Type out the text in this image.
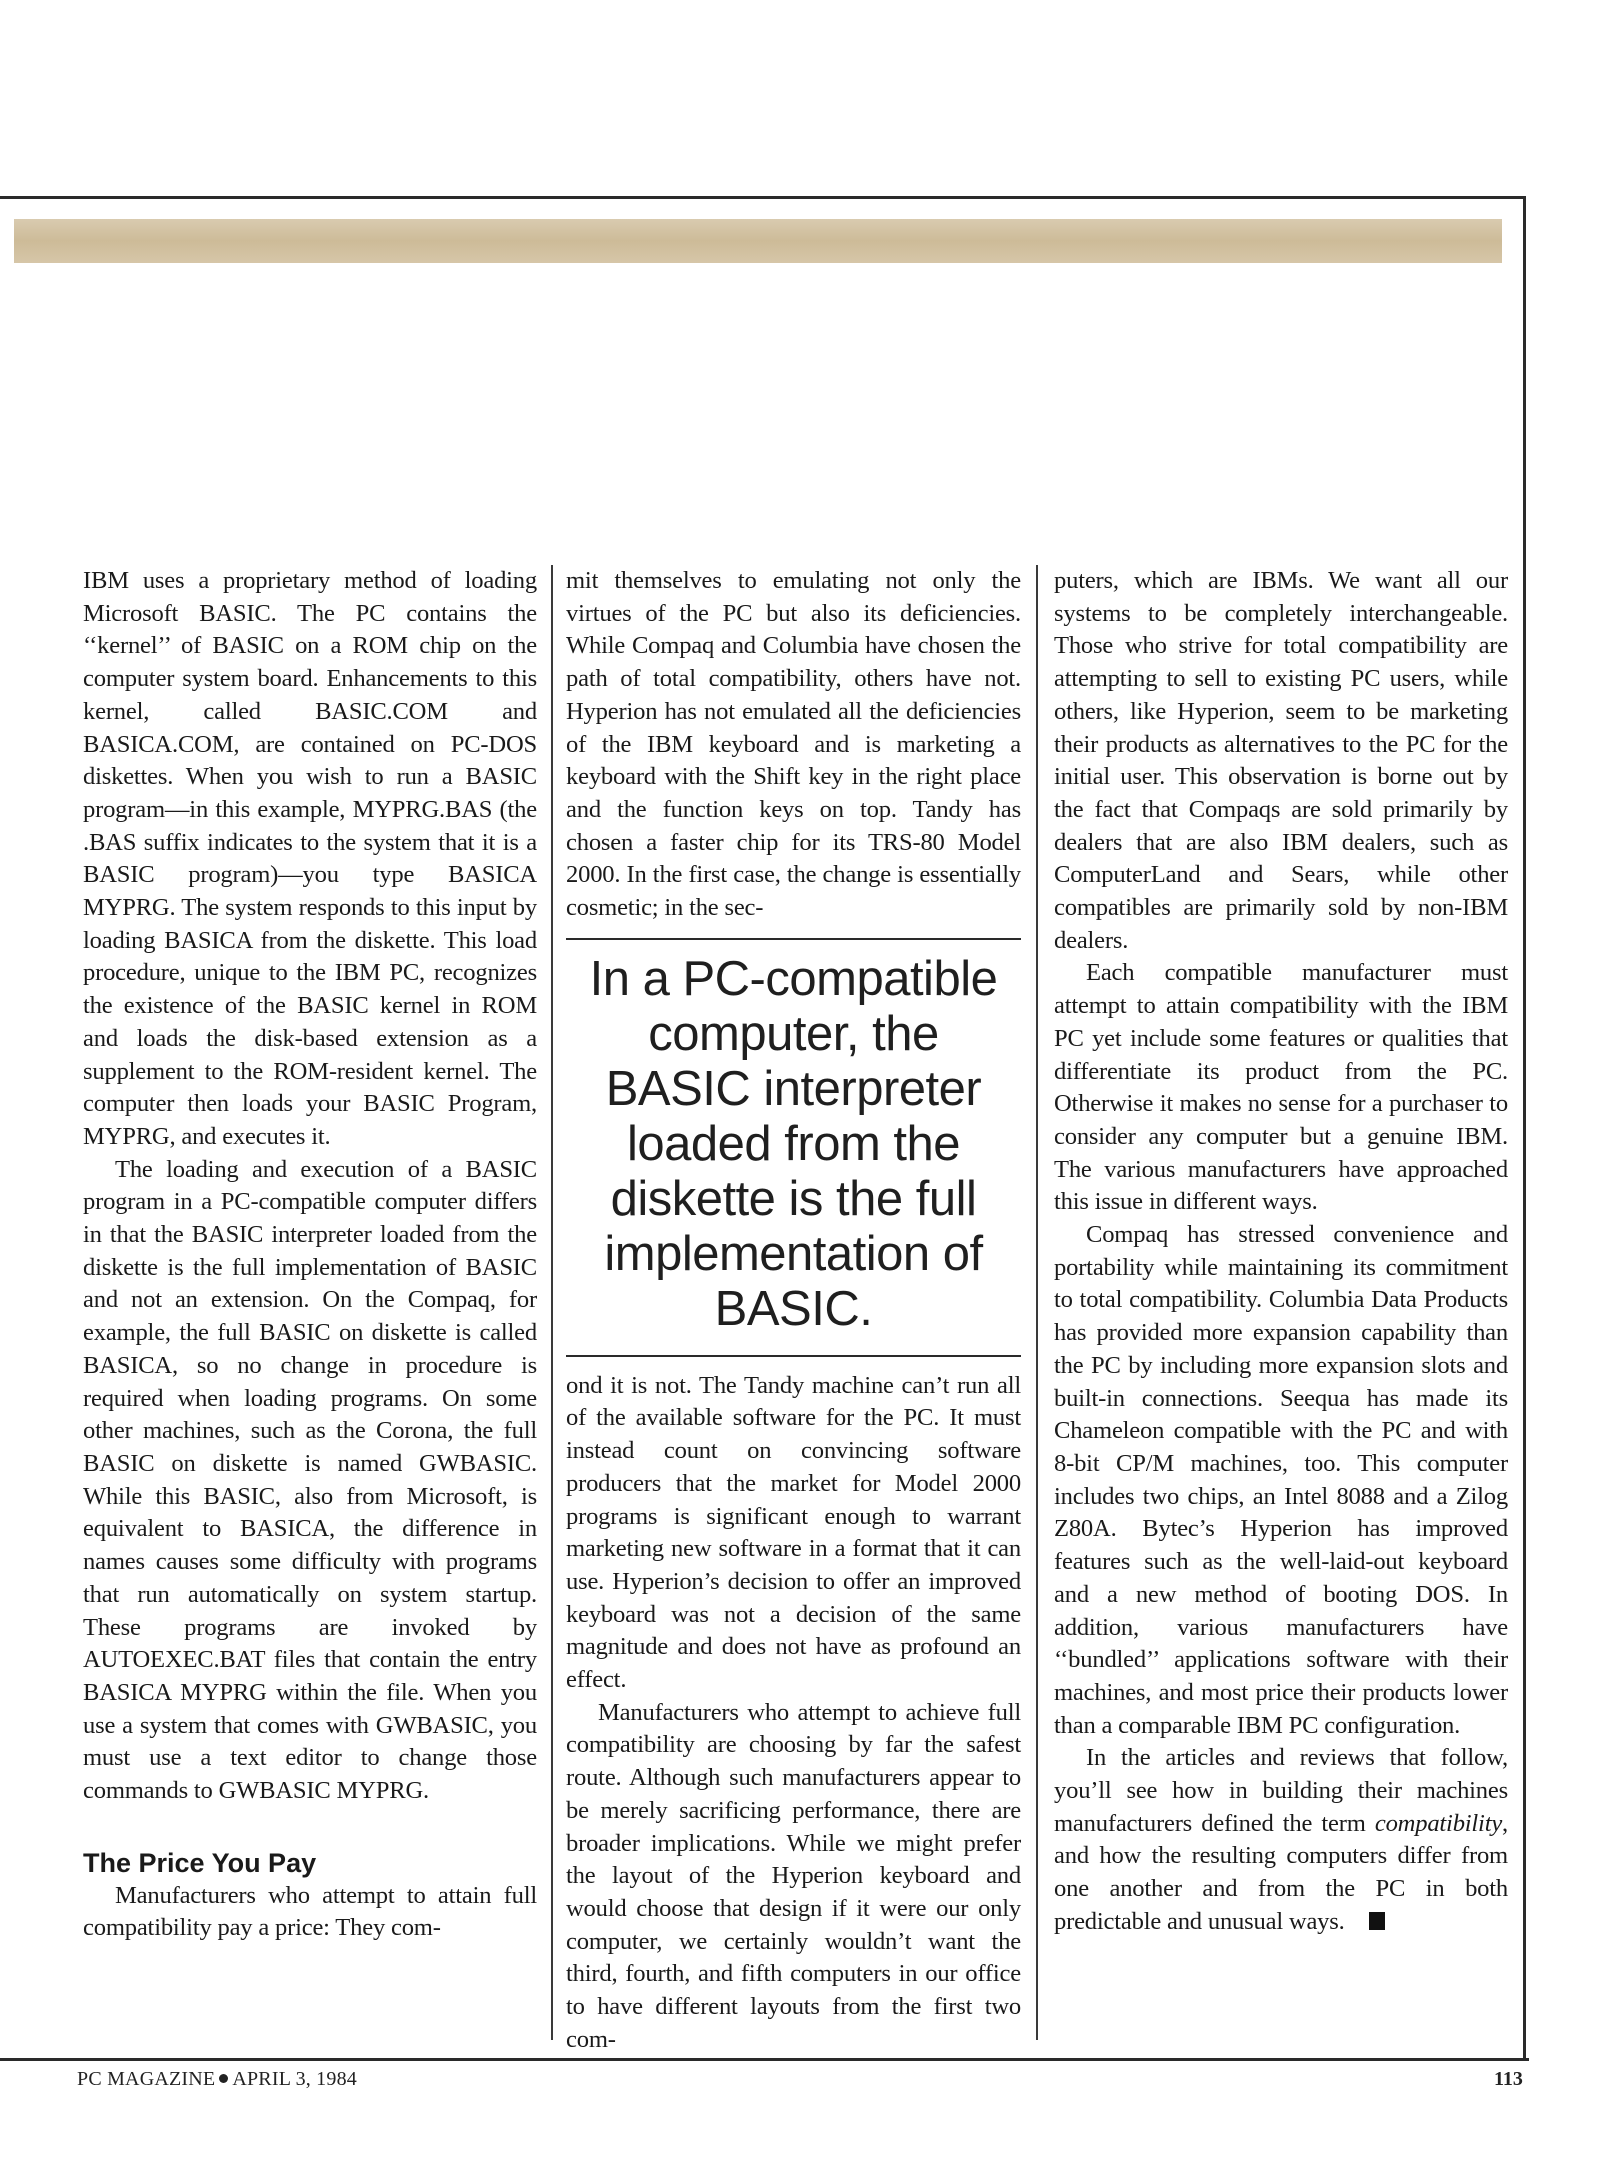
IBM uses a proprietary method of loading Microsoft BASIC. The PC contains the ‘‘kernel’’ of BASIC on a ROM chip on the computer system board. Enhancements to this kernel, called BASIC.COM and BASICA.COM, are contained on PC-DOS diskettes. When you wish to run a BASIC program—in this example, MYPRG.BAS (the .BAS suffix indicates to the system that it is a BASIC program)—you type BASICA MYPRG. The system responds to this input by loading BASICA from the diskette. This load procedure, unique to the IBM PC, recognizes the existence of the BASIC kernel in ROM and loads the disk-based extension as a supplement to the ROM-resident kernel. The computer then loads your BASIC Program, MYPRG, and executes it.

The loading and execution of a BASIC program in a PC-compatible computer differs in that the BASIC interpreter loaded from the diskette is the full implementation of BASIC and not an extension. On the Compaq, for example, the full BASIC on diskette is called BASICA, so no change in procedure is required when loading programs. On some other machines, such as the Corona, the full BASIC on diskette is named GWBASIC. While this BASIC, also from Microsoft, is equivalent to BASICA, the difference in names causes some difficulty with programs that run automatically on system startup. These programs are invoked by AUTOEXEC.BAT files that contain the entry BASICA MYPRG within the file. When you use a system that comes with GWBASIC, you must use a text editor to change those commands to GWBASIC MYPRG.

The Price You Pay

Manufacturers who attempt to attain full compatibility pay a price: They com-

mit themselves to emulating not only the virtues of the PC but also its deficiencies. While Compaq and Columbia have chosen the path of total compatibility, others have not. Hyperion has not emulated all the deficiencies of the IBM keyboard and is marketing a keyboard with the Shift key in the right place and the function keys on top. Tandy has chosen a faster chip for its TRS-80 Model 2000. In the first case, the change is essentially cosmetic; in the sec-

In a PC-compatible computer, the BASIC interpreter loaded from the diskette is the full implementation of BASIC.

ond it is not. The Tandy machine can’t run all of the available software for the PC. It must instead count on convincing software producers that the market for Model 2000 programs is significant enough to warrant marketing new software in a format that it can use. Hyperion’s decision to offer an improved keyboard was not a decision of the same magnitude and does not have as profound an effect.

Manufacturers who attempt to achieve full compatibility are choosing by far the safest route. Although such manufacturers appear to be merely sacrificing performance, there are broader implications. While we might prefer the layout of the Hyperion keyboard and would choose that design if it were our only computer, we certainly wouldn’t want the third, fourth, and fifth computers in our office to have different layouts from the first two com-

puters, which are IBMs. We want all our systems to be completely interchangeable. Those who strive for total compatibility are attempting to sell to existing PC users, while others, like Hyperion, seem to be marketing their products as alternatives to the PC for the initial user. This observation is borne out by the fact that Compaqs are sold primarily by dealers that are also IBM dealers, such as ComputerLand and Sears, while other compatibles are primarily sold by non-IBM dealers.

Each compatible manufacturer must attempt to attain compatibility with the IBM PC yet include some features or qualities that differentiate its product from the PC. Otherwise it makes no sense for a purchaser to consider any computer but a genuine IBM. The various manufacturers have approached this issue in different ways.

Compaq has stressed convenience and portability while maintaining its commitment to total compatibility. Columbia Data Products has provided more expansion capability than the PC by including more expansion slots and built-in connections. Seequa has made its Chameleon compatible with the PC and with 8-bit CP/M machines, too. This computer includes two chips, an Intel 8088 and a Zilog Z80A. Bytec’s Hyperion has improved features such as the well-laid-out keyboard and a new method of booting DOS. In addition, various manufacturers have ‘‘bundled’’ applications software with their machines, and most price their products lower than a comparable IBM PC configuration.

In the articles and reviews that follow, you’ll see how in building their machines manufacturers defined the term compatibility, and how the resulting computers differ from one another and from the PC in both predictable and unusual ways.

PC MAGAZINE APRIL 3, 1984	113
